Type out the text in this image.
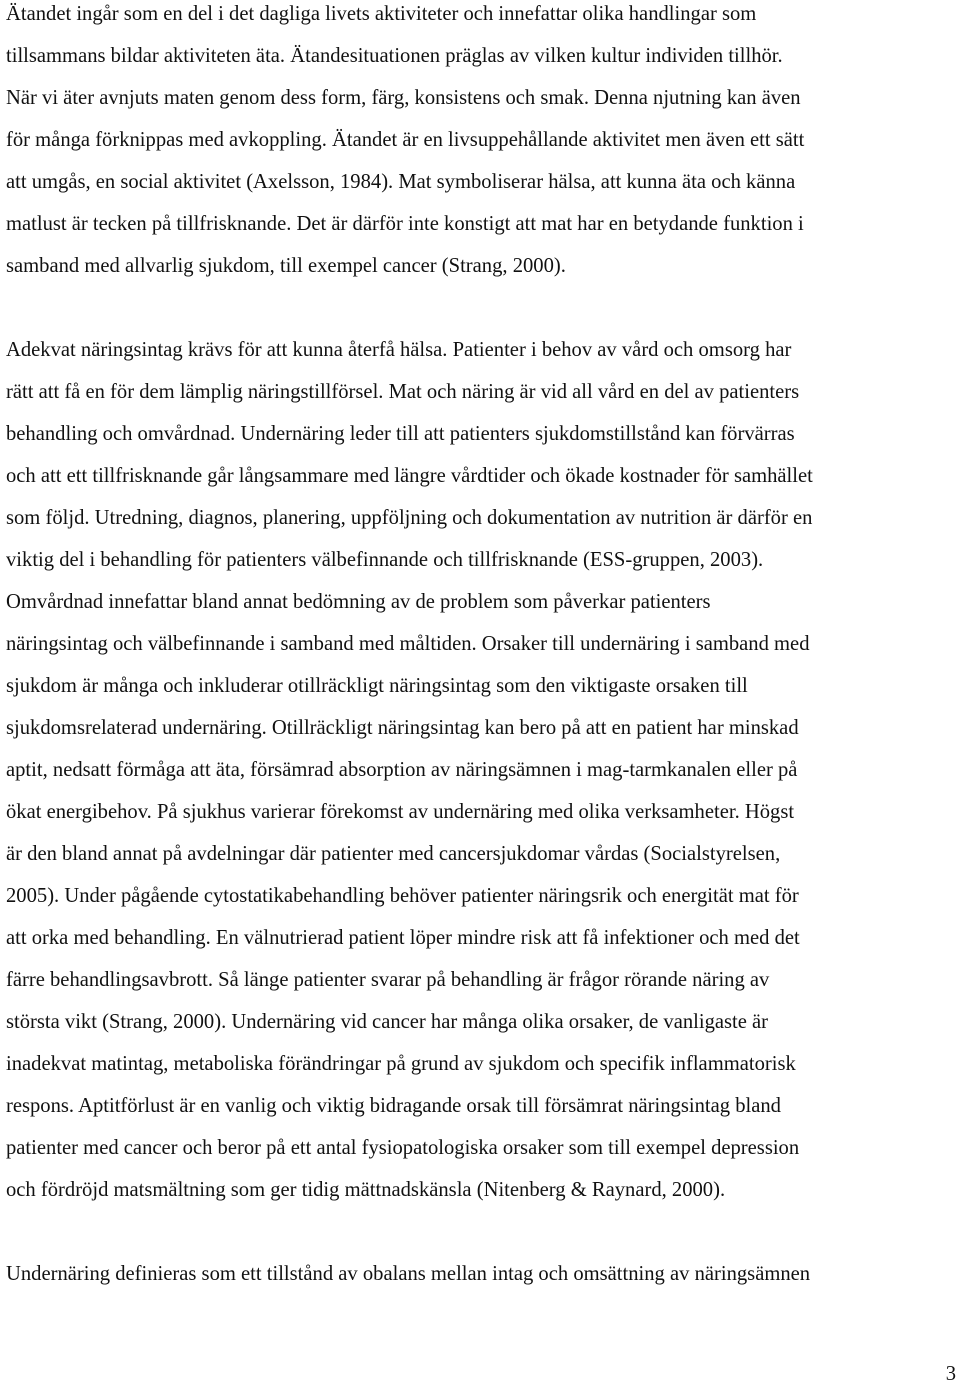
Ätandet ingår som en del i det dagliga livets aktiviteter och innefattar olika handlingar som
tillsammans bildar aktiviteten äta. Ätandesituationen präglas av vilken kultur individen tillhör.
När vi äter avnjuts maten genom dess form, färg, konsistens och smak. Denna njutning kan även
för många förknippas med avkoppling. Ätandet är en livsuppehållande aktivitet men även ett sätt
att umgås, en social aktivitet (Axelsson, 1984). Mat symboliserar hälsa, att kunna äta och känna
matlust är tecken på tillfrisknande. Det är därför inte konstigt att mat har en betydande funktion i
samband med allvarlig sjukdom, till exempel cancer (Strang, 2000).
Adekvat näringsintag krävs för att kunna återfå hälsa. Patienter i behov av vård och omsorg har
rätt att få en för dem lämplig näringstillförsel. Mat och näring är vid all vård en del av patienters
behandling och omvårdnad. Undernäring leder till att patienters sjukdomstillstånd kan förvärras
och att ett tillfrisknande går långsammare med längre vårdtider och ökade kostnader för samhället
som följd. Utredning, diagnos, planering, uppföljning och dokumentation av nutrition är därför en
viktig del i behandling för patienters välbefinnande och tillfrisknande (ESS-gruppen, 2003).
Omvårdnad innefattar bland annat bedömning av de problem som påverkar patienters
näringsintag och välbefinnande i samband med måltiden. Orsaker till undernäring i samband med
sjukdom är många och inkluderar otillräckligt näringsintag som den viktigaste orsaken till
sjukdomsrelaterad undernäring. Otillräckligt näringsintag kan bero på att en patient har minskad
aptit, nedsatt förmåga att äta, försämrad absorption av näringsämnen i mag-tarmkanalen eller på
ökat energibehov. På sjukhus varierar förekomst av undernäring med olika verksamheter. Högst
är den bland annat på avdelningar där patienter med cancersjukdomar vårdas (Socialstyrelsen,
2005). Under pågående cytostatikabehandling behöver patienter näringsrik och energität mat för
att orka med behandling. En välnutrierad patient löper mindre risk att få infektioner och med det
färre behandlingsavbrott. Så länge patienter svarar på behandling är frågor rörande näring av
största vikt (Strang, 2000). Undernäring vid cancer har många olika orsaker, de vanligaste är
inadekvat matintag, metaboliska förändringar på grund av sjukdom och specifik inflammatorisk
respons. Aptitförlust är en vanlig och viktig bidragande orsak till försämrat näringsintag bland
patienter med cancer och beror på ett antal fysiopatologiska orsaker som till exempel depression
och fördröjd matsmältning som ger tidig mättnadskänsla (Nitenberg & Raynard, 2000).
Undernäring definieras som ett tillstånd av obalans mellan intag och omsättning av näringsämnen
3
